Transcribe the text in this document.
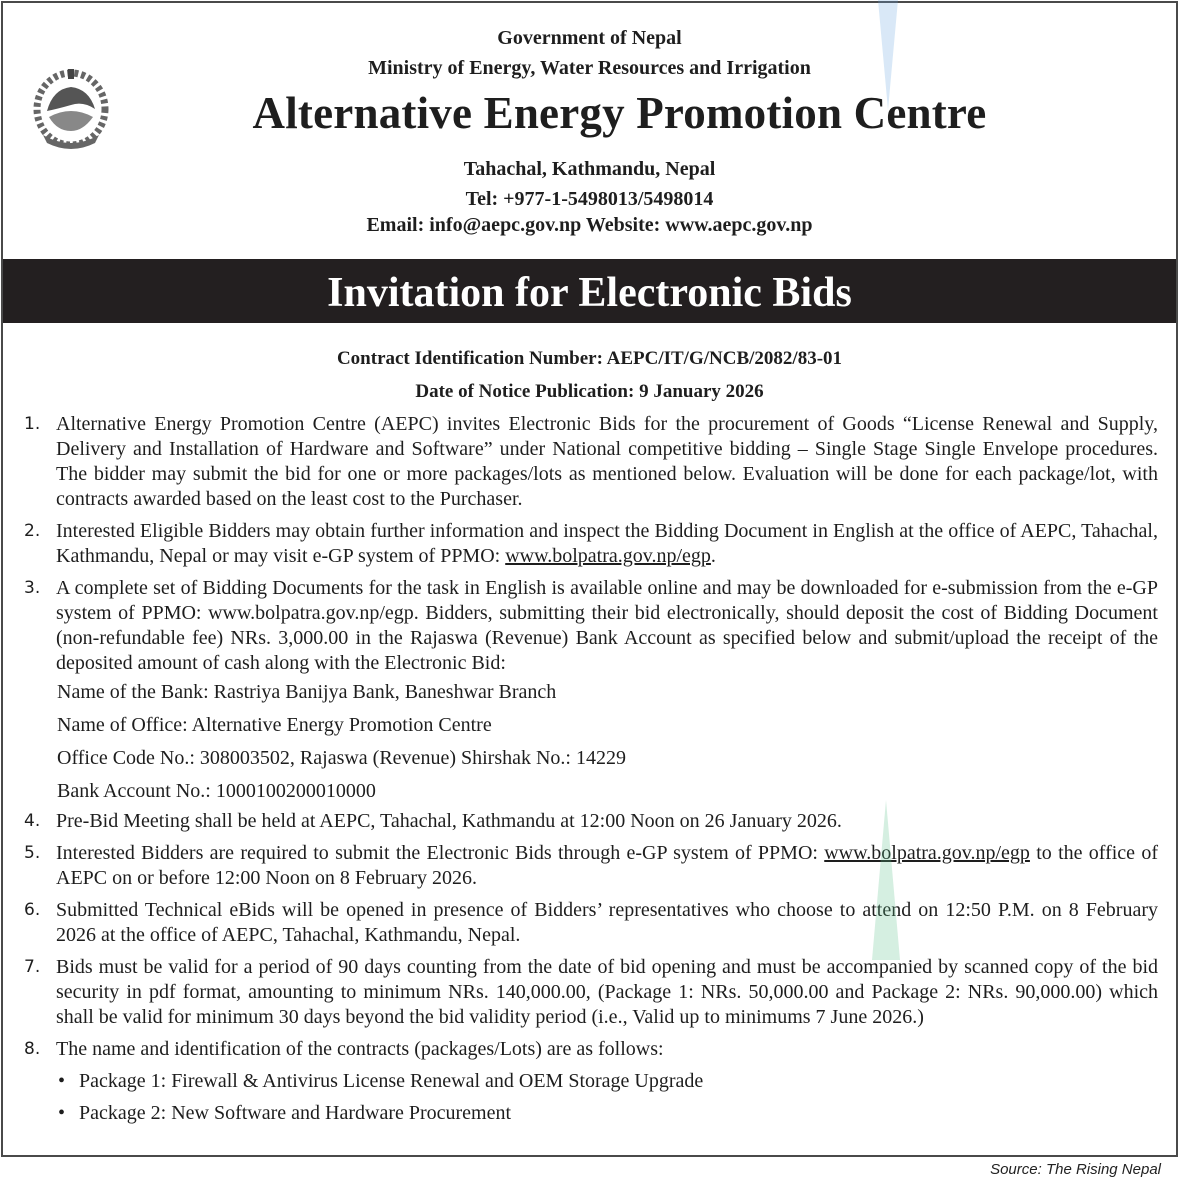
Government of Nepal
Ministry of Energy, Water Resources and Irrigation
Alternative Energy Promotion Centre
Tahachal, Kathmandu, Nepal
Tel: +977-1-5498013/5498014
Email: info@aepc.gov.np Website: www.aepc.gov.np
Invitation for Electronic Bids
Contract Identification Number: AEPC/IT/G/NCB/2082/83-01
Date of Notice Publication: 9 January 2026
1. Alternative Energy Promotion Centre (AEPC) invites Electronic Bids for the procurement of Goods “License Renewal and Supply, Delivery and Installation of Hardware and Software” under National competitive bidding – Single Stage Single Envelope procedures. The bidder may submit the bid for one or more packages/lots as mentioned below. Evaluation will be done for each package/lot, with contracts awarded based on the least cost to the Purchaser.
2. Interested Eligible Bidders may obtain further information and inspect the Bidding Document in English at the office of AEPC, Tahachal, Kathmandu, Nepal or may visit e-GP system of PPMO: www.bolpatra.gov.np/egp.
3. A complete set of Bidding Documents for the task in English is available online and may be downloaded for e-submission from the e-GP system of PPMO: www.bolpatra.gov.np/egp. Bidders, submitting their bid electronically, should deposit the cost of Bidding Document (non-refundable fee) NRs. 3,000.00 in the Rajaswa (Revenue) Bank Account as specified below and submit/upload the receipt of the deposited amount of cash along with the Electronic Bid:
Name of the Bank: Rastriya Banijya Bank, Baneshwar Branch
Name of Office: Alternative Energy Promotion Centre
Office Code No.: 308003502, Rajaswa (Revenue) Shirshak No.: 14229
Bank Account No.: 1000100200010000
4. Pre-Bid Meeting shall be held at AEPC, Tahachal, Kathmandu at 12:00 Noon on 26 January 2026.
5. Interested Bidders are required to submit the Electronic Bids through e-GP system of PPMO: www.bolpatra.gov.np/egp to the office of AEPC on or before 12:00 Noon on 8 February 2026.
6. Submitted Technical eBids will be opened in presence of Bidders’ representatives who choose to attend on 12:50 P.M. on 8 February 2026 at the office of AEPC, Tahachal, Kathmandu, Nepal.
7. Bids must be valid for a period of 90 days counting from the date of bid opening and must be accompanied by scanned copy of the bid security in pdf format, amounting to minimum NRs. 140,000.00, (Package 1: NRs. 50,000.00 and Package 2: NRs. 90,000.00) which shall be valid for minimum 30 days beyond the bid validity period (i.e., Valid up to minimums 7 June 2026.)
8. The name and identification of the contracts (packages/Lots) are as follows:
• Package 1: Firewall & Antivirus License Renewal and OEM Storage Upgrade
• Package 2: New Software and Hardware Procurement
Source: The Rising Nepal
